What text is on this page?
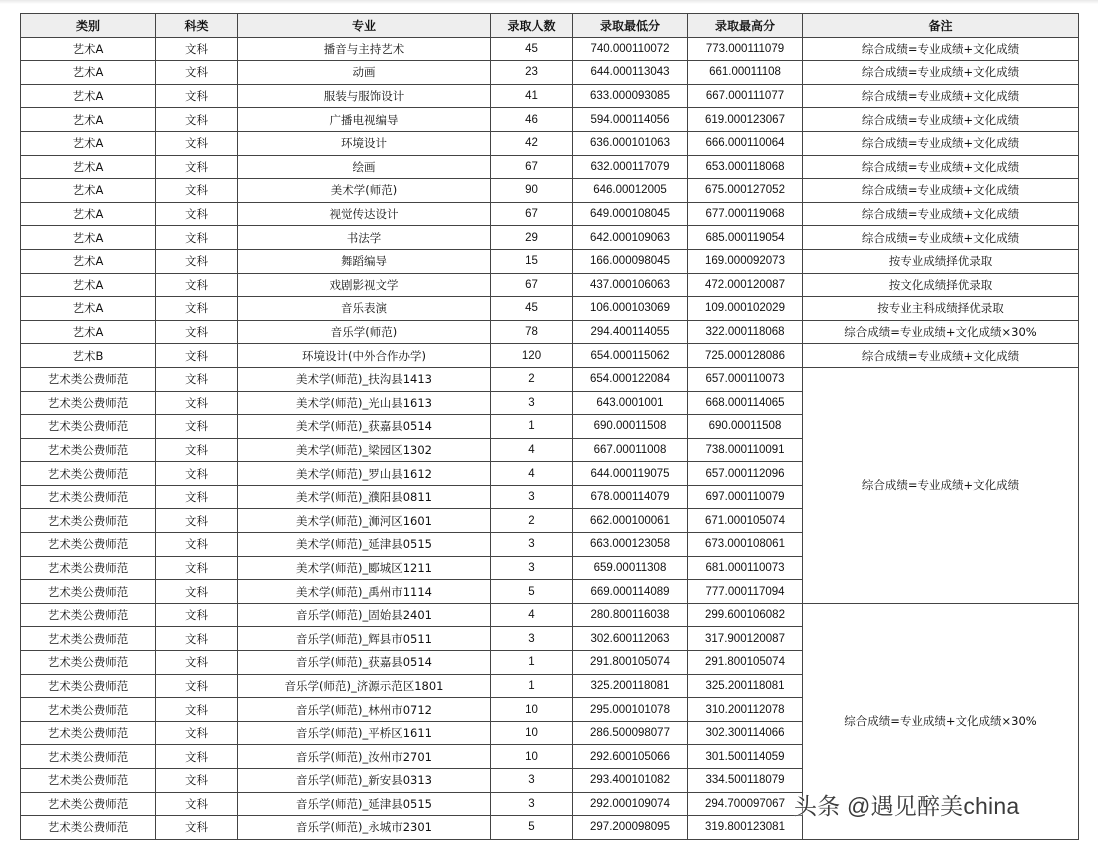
类别	科类	专业	录取人数	录取最低分	录取最高分	备注
艺术A	文科	播音与主持艺术	45	740.000110072	773.000111079	综合成绩=专业成绩+文化成绩
艺术A	文科	动画	23	644.000113043	661.00011108	综合成绩=专业成绩+文化成绩
艺术A	文科	服装与服饰设计	41	633.000093085	667.000111077	综合成绩=专业成绩+文化成绩
艺术A	文科	广播电视编导	46	594.000114056	619.000123067	综合成绩=专业成绩+文化成绩
艺术A	文科	环境设计	42	636.000101063	666.000110064	综合成绩=专业成绩+文化成绩
艺术A	文科	绘画	67	632.000117079	653.000118068	综合成绩=专业成绩+文化成绩
艺术A	文科	美术学(师范)	90	646.00012005	675.000127052	综合成绩=专业成绩+文化成绩
艺术A	文科	视觉传达设计	67	649.000108045	677.000119068	综合成绩=专业成绩+文化成绩
艺术A	文科	书法学	29	642.000109063	685.000119054	综合成绩=专业成绩+文化成绩
艺术A	文科	舞蹈编导	15	166.000098045	169.000092073	按专业成绩择优录取
艺术A	文科	戏剧影视文学	67	437.000106063	472.000120087	按文化成绩择优录取
艺术A	文科	音乐表演	45	106.000103069	109.000102029	按专业主科成绩择优录取
艺术A	文科	音乐学(师范)	78	294.400114055	322.000118068	综合成绩=专业成绩+文化成绩×30%
艺术B	文科	环境设计(中外合作办学)	120	654.000115062	725.000128086	综合成绩=专业成绩+文化成绩
艺术类公费师范	文科	美术学(师范)_扶沟县1413	2	654.000122084	657.000110073	综合成绩=专业成绩+文化成绩
艺术类公费师范	文科	美术学(师范)_光山县1613	3	643.0001001	668.000114065	
艺术类公费师范	文科	美术学(师范)_获嘉县0514	1	690.00011508	690.00011508	
艺术类公费师范	文科	美术学(师范)_梁园区1302	4	667.00011008	738.000110091	
艺术类公费师范	文科	美术学(师范)_罗山县1612	4	644.000119075	657.000112096	
艺术类公费师范	文科	美术学(师范)_濮阳县0811	3	678.000114079	697.000110079	
艺术类公费师范	文科	美术学(师范)_浉河区1601	2	662.000100061	671.000105074	
艺术类公费师范	文科	美术学(师范)_延津县0515	3	663.000123058	673.000108061	
艺术类公费师范	文科	美术学(师范)_郾城区1211	3	659.00011308	681.000110073	
艺术类公费师范	文科	美术学(师范)_禹州市1114	5	669.000114089	777.000117094	
艺术类公费师范	文科	音乐学(师范)_固始县2401	4	280.800116038	299.600106082	综合成绩=专业成绩+文化成绩×30%
艺术类公费师范	文科	音乐学(师范)_辉县市0511	3	302.600112063	317.900120087	
艺术类公费师范	文科	音乐学(师范)_获嘉县0514	1	291.800105074	291.800105074	
艺术类公费师范	文科	音乐学(师范)_济源示范区1801	1	325.200118081	325.200118081	
艺术类公费师范	文科	音乐学(师范)_林州市0712	10	295.000101078	310.200112078	
艺术类公费师范	文科	音乐学(师范)_平桥区1611	10	286.500098077	302.300114066	
艺术类公费师范	文科	音乐学(师范)_汝州市2701	10	292.600105066	301.500114059	
艺术类公费师范	文科	音乐学(师范)_新安县0313	3	293.400101082	334.500118079	
艺术类公费师范	文科	音乐学(师范)_延津县0515	3	292.000109074	294.700097067	
艺术类公费师范	文科	音乐学(师范)_永城市2301	5	297.200098095	319.800123081	
头条 @遇见醉美china
